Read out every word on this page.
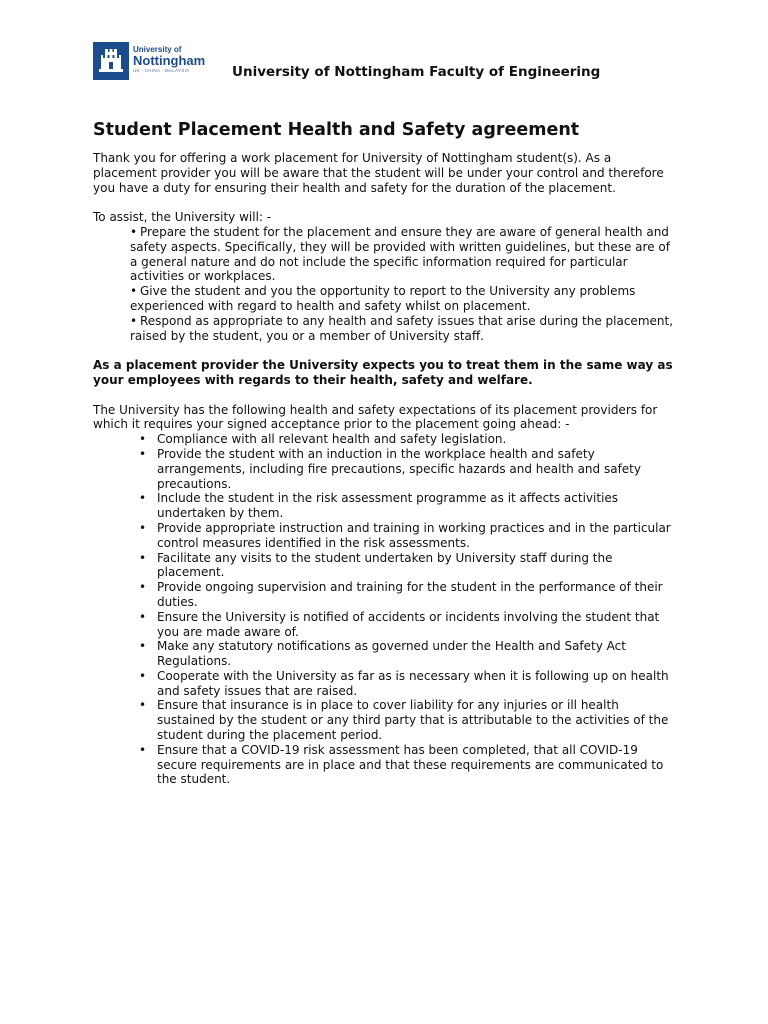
University of
Nottingham
UK · CHINA · MALAYSIA	University of Nottingham Faculty of Engineering
Student Placement Health and Safety agreement

Thank you for offering a work placement for University of Nottingham student(s). As a placement provider you will be aware that the student will be under your control and therefore you have a duty for ensuring their health and safety for the duration of the placement.

To assist, the University will: -

• Prepare the student for the placement and ensure they are aware of general health and safety aspects. Specifically, they will be provided with written guidelines, but these are of a general nature and do not include the specific information required for particular activities or workplaces.
• Give the student and you the opportunity to report to the University any problems experienced with regard to health and safety whilst on placement.
• Respond as appropriate to any health and safety issues that arise during the placement, raised by the student, you or a member of University staff.

As a placement provider the University expects you to treat them in the same way as your employees with regards to their health, safety and welfare.

The University has the following health and safety expectations of its placement providers for which it requires your signed acceptance prior to the placement going ahead: -

• Compliance with all relevant health and safety legislation.
• Provide the student with an induction in the workplace health and safety arrangements, including fire precautions, specific hazards and health and safety precautions.
• Include the student in the risk assessment programme as it affects activities undertaken by them.
• Provide appropriate instruction and training in working practices and in the particular control measures identified in the risk assessments.
• Facilitate any visits to the student undertaken by University staff during the placement.
• Provide ongoing supervision and training for the student in the performance of their duties.
• Ensure the University is notified of accidents or incidents involving the student that you are made aware of.
• Make any statutory notifications as governed under the Health and Safety Act Regulations.
• Cooperate with the University as far as is necessary when it is following up on health and safety issues that are raised.
• Ensure that insurance is in place to cover liability for any injuries or ill health sustained by the student or any third party that is attributable to the activities of the student during the placement period.
• Ensure that a COVID-19 risk assessment has been completed, that all COVID-19 secure requirements are in place and that these requirements are communicated to the student.
